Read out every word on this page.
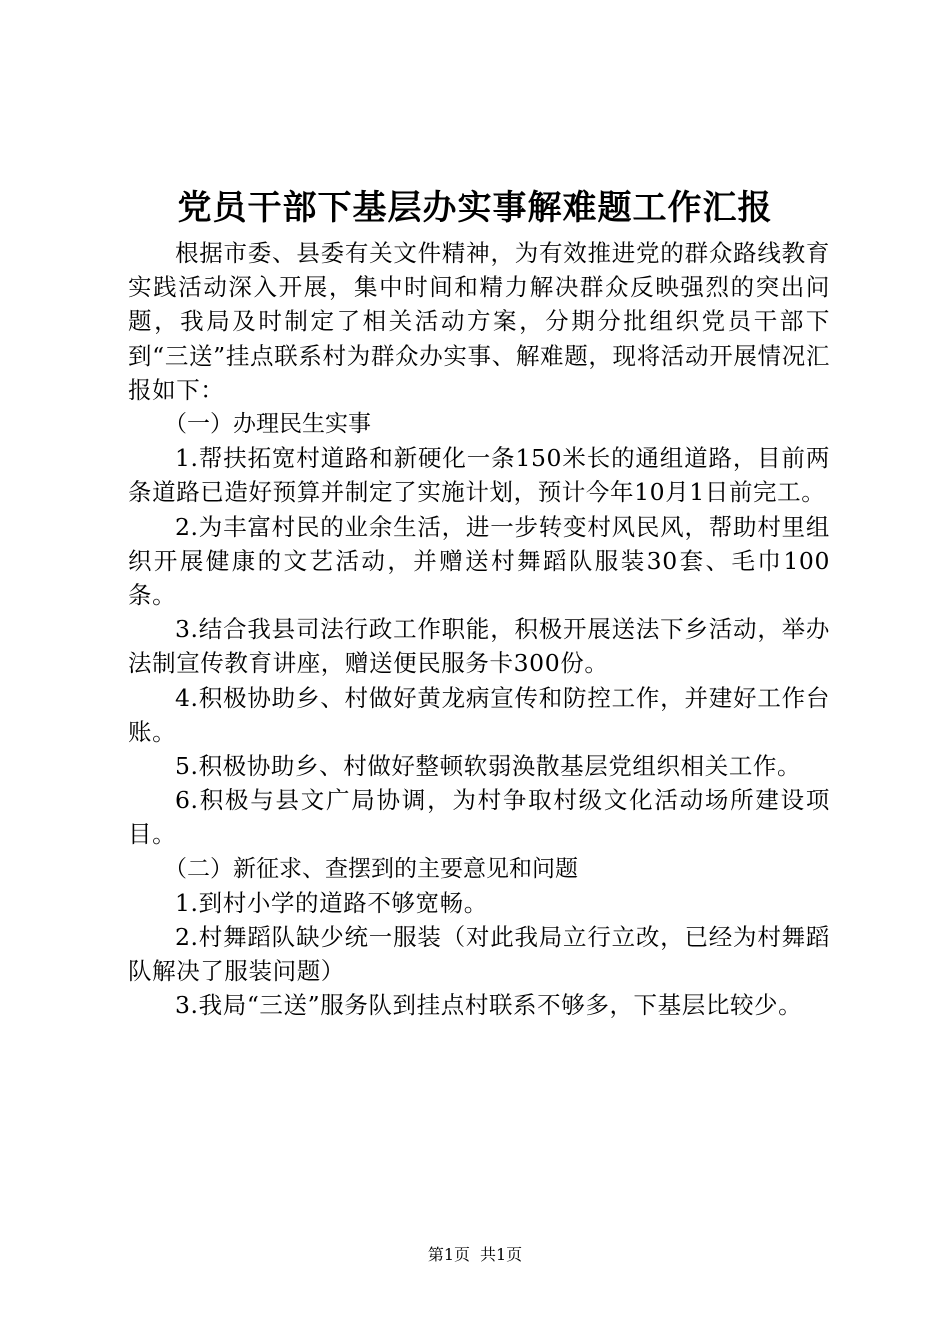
党员干部下基层办实事解难题工作汇报

根据市委、县委有关文件精神，为有效推进党的群众路线教育实践活动深入开展，集中时间和精力解决群众反映强烈的突出问题，我局及时制定了相关活动方案，分期分批组织党员干部下到“三送”挂点联系村为群众办实事、解难题，现将活动开展情况汇报如下：

（一）办理民生实事

1.帮扶拓宽村道路和新硬化一条150米长的通组道路，目前两条道路已造好预算并制定了实施计划，预计今年10月1日前完工。

2.为丰富村民的业余生活，进一步转变村风民风，帮助村里组织开展健康的文艺活动，并赠送村舞蹈队服装30套、毛巾100条。

3.结合我县司法行政工作职能，积极开展送法下乡活动，举办法制宣传教育讲座，赠送便民服务卡300份。

4.积极协助乡、村做好黄龙病宣传和防控工作，并建好工作台账。

5.积极协助乡、村做好整顿软弱涣散基层党组织相关工作。

6.积极与县文广局协调，为村争取村级文化活动场所建设项目。

（二）新征求、查摆到的主要意见和问题

1.到村小学的道路不够宽畅。

2.村舞蹈队缺少统一服装（对此我局立行立改，已经为村舞蹈队解决了服装问题）

3.我局“三送”服务队到挂点村联系不够多，下基层比较少。

第1页 共1页
